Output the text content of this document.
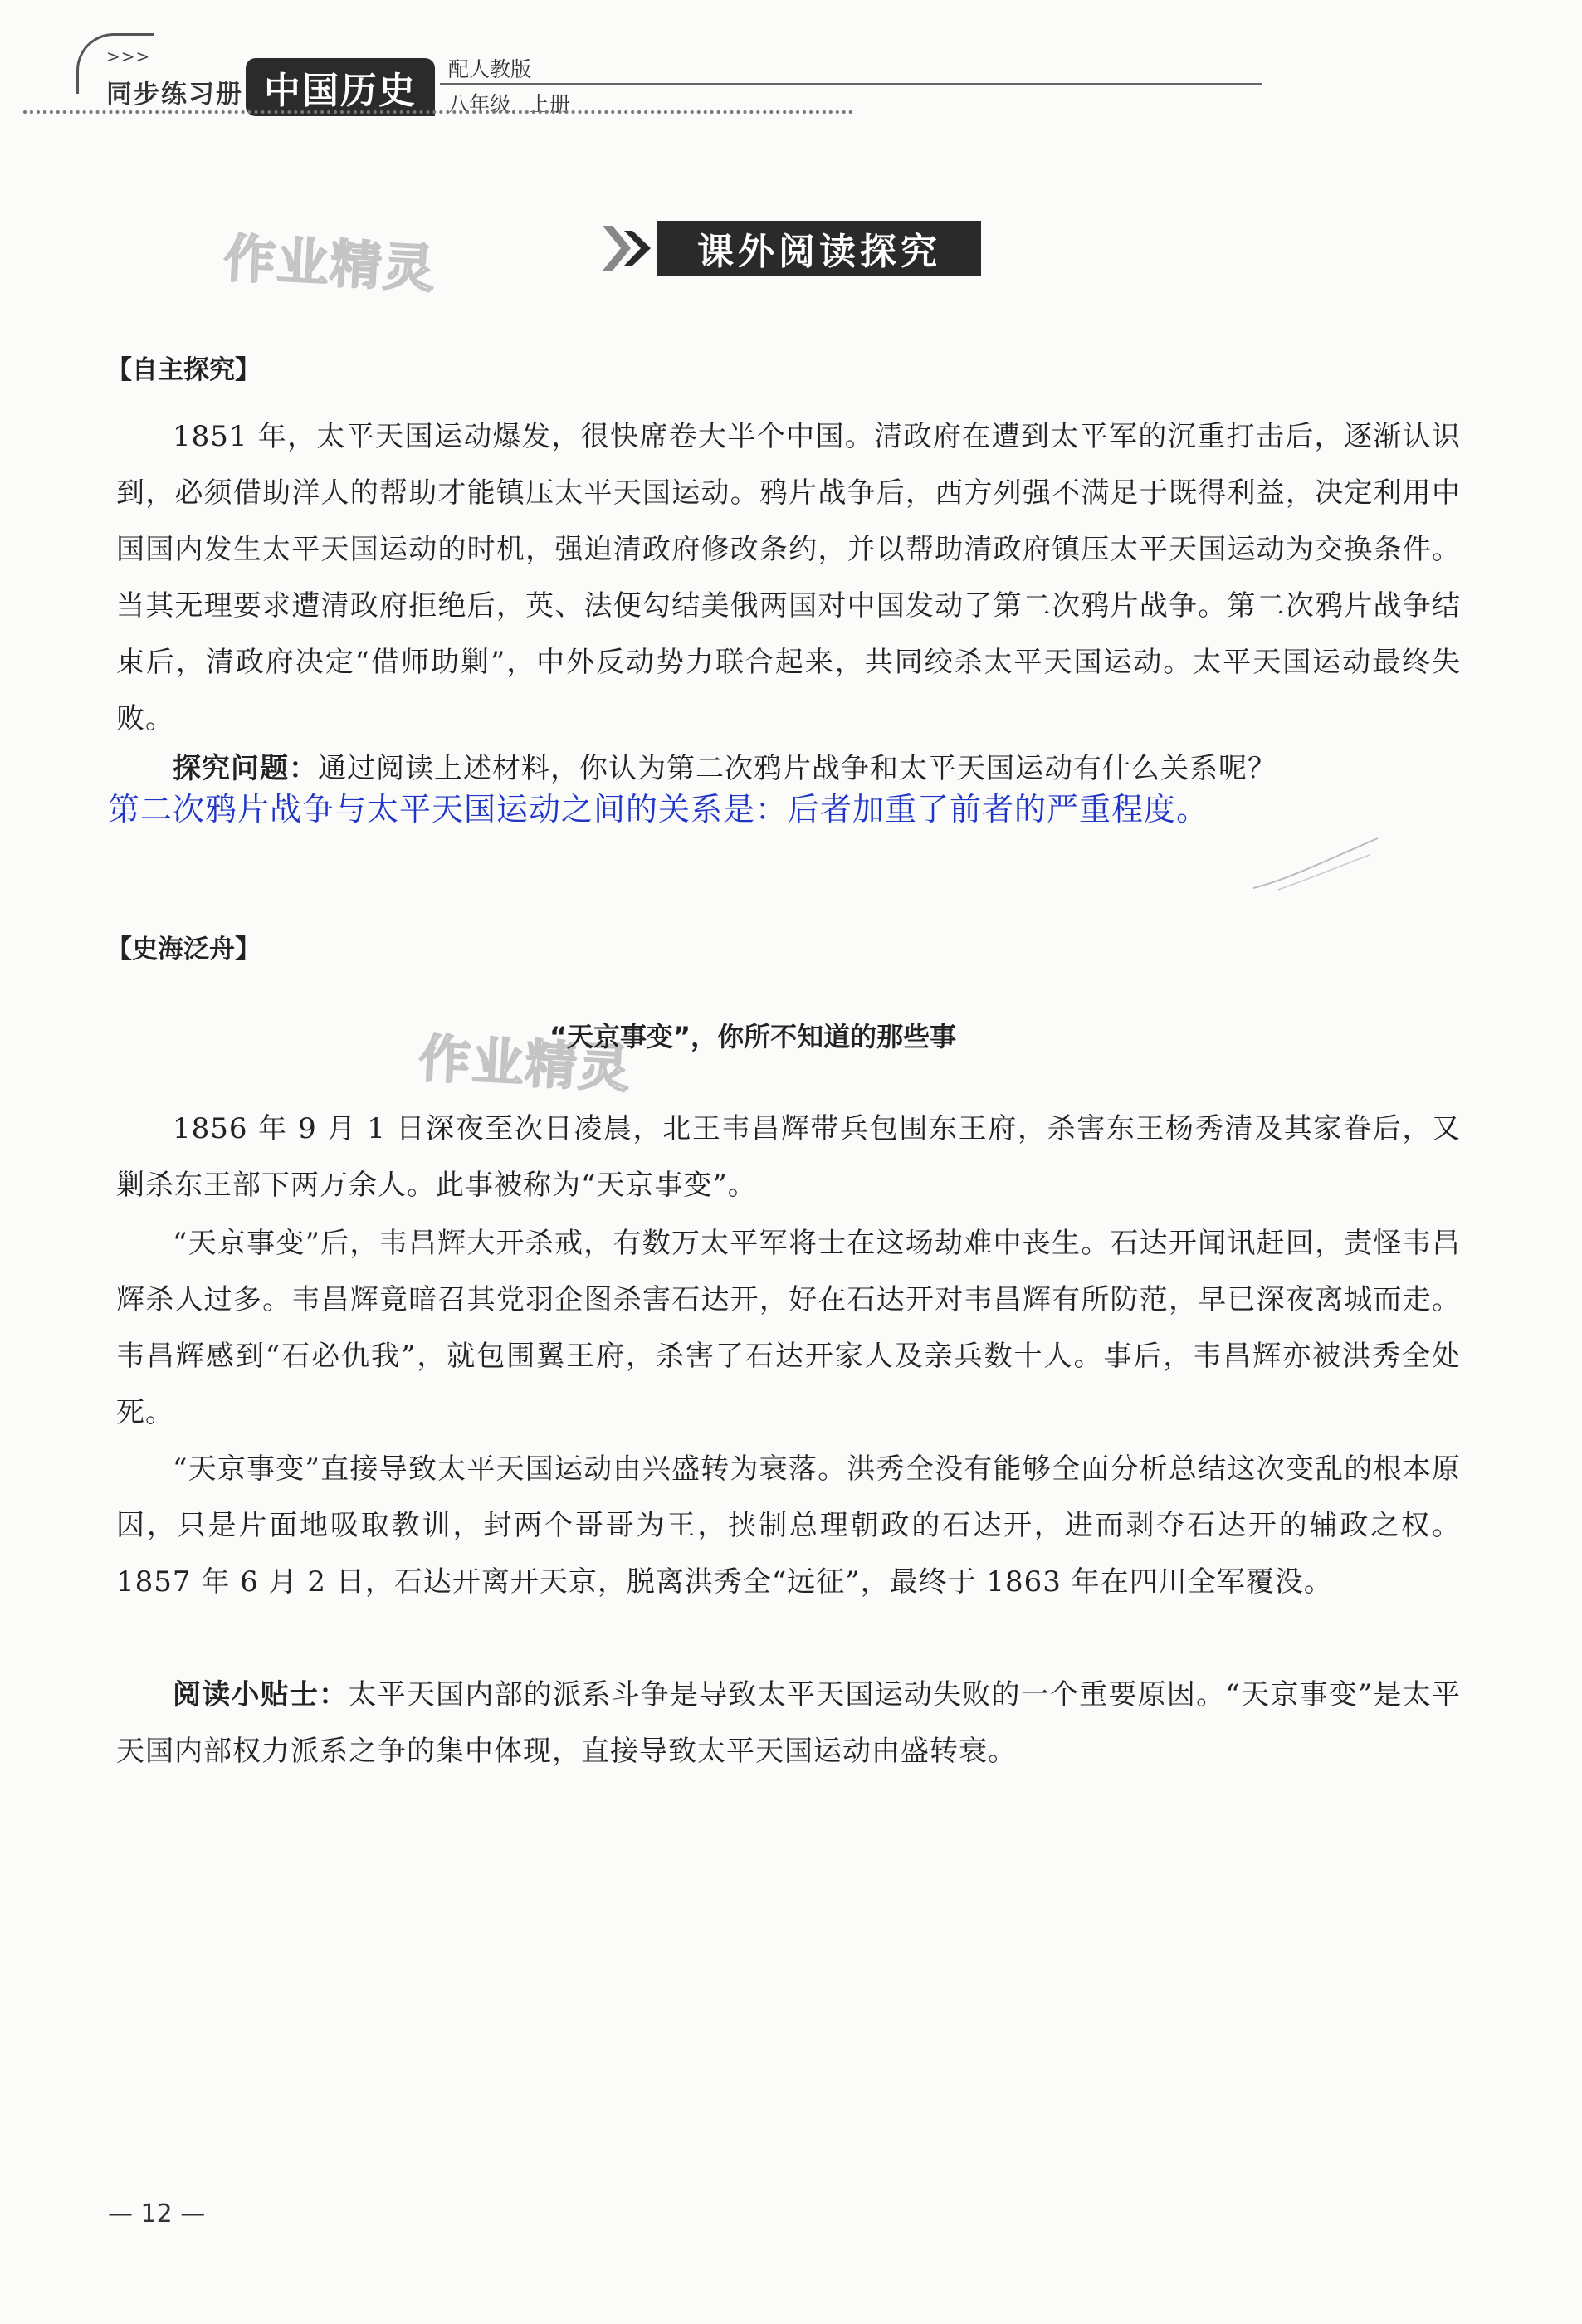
>>>
同步练习册 中国历史
配人教版
八年级 上册
作业精灵
作业精灵
课外阅读探究
【自主探究】
1851 年，太平天国运动爆发，很快席卷大半个中国。清政府在遭到太平军的沉重打击后，逐渐认识到，必须借助洋人的帮助才能镇压太平天国运动。鸦片战争后，西方列强不满足于既得利益，决定利用中国国内发生太平天国运动的时机，强迫清政府修改条约，并以帮助清政府镇压太平天国运动为交换条件。当其无理要求遭清政府拒绝后，英、法便勾结美俄两国对中国发动了第二次鸦片战争。第二次鸦片战争结束后，清政府决定“借师助剿”，中外反动势力联合起来，共同绞杀太平天国运动。太平天国运动最终失败。
探究问题：通过阅读上述材料，你认为第二次鸦片战争和太平天国运动有什么关系呢？
第二次鸦片战争与太平天国运动之间的关系是：后者加重了前者的严重程度。
【史海泛舟】
“天京事变”，你所不知道的那些事
1856 年 9 月 1 日深夜至次日凌晨，北王韦昌辉带兵包围东王府，杀害东王杨秀清及其家眷后，又剿杀东王部下两万余人。此事被称为“天京事变”。
“天京事变”后，韦昌辉大开杀戒，有数万太平军将士在这场劫难中丧生。石达开闻讯赶回，责怪韦昌辉杀人过多。韦昌辉竟暗召其党羽企图杀害石达开，好在石达开对韦昌辉有所防范，早已深夜离城而走。韦昌辉感到“石必仇我”，就包围翼王府，杀害了石达开家人及亲兵数十人。事后，韦昌辉亦被洪秀全处死。
“天京事变”直接导致太平天国运动由兴盛转为衰落。洪秀全没有能够全面分析总结这次变乱的根本原因，只是片面地吸取教训，封两个哥哥为王，挟制总理朝政的石达开，进而剥夺石达开的辅政之权。1857 年 6 月 2 日，石达开离开天京，脱离洪秀全“远征”，最终于 1863 年在四川全军覆没。
阅读小贴士：太平天国内部的派系斗争是导致太平天国运动失败的一个重要原因。“天京事变”是太平天国内部权力派系之争的集中体现，直接导致太平天国运动由盛转衰。
— 12 —
